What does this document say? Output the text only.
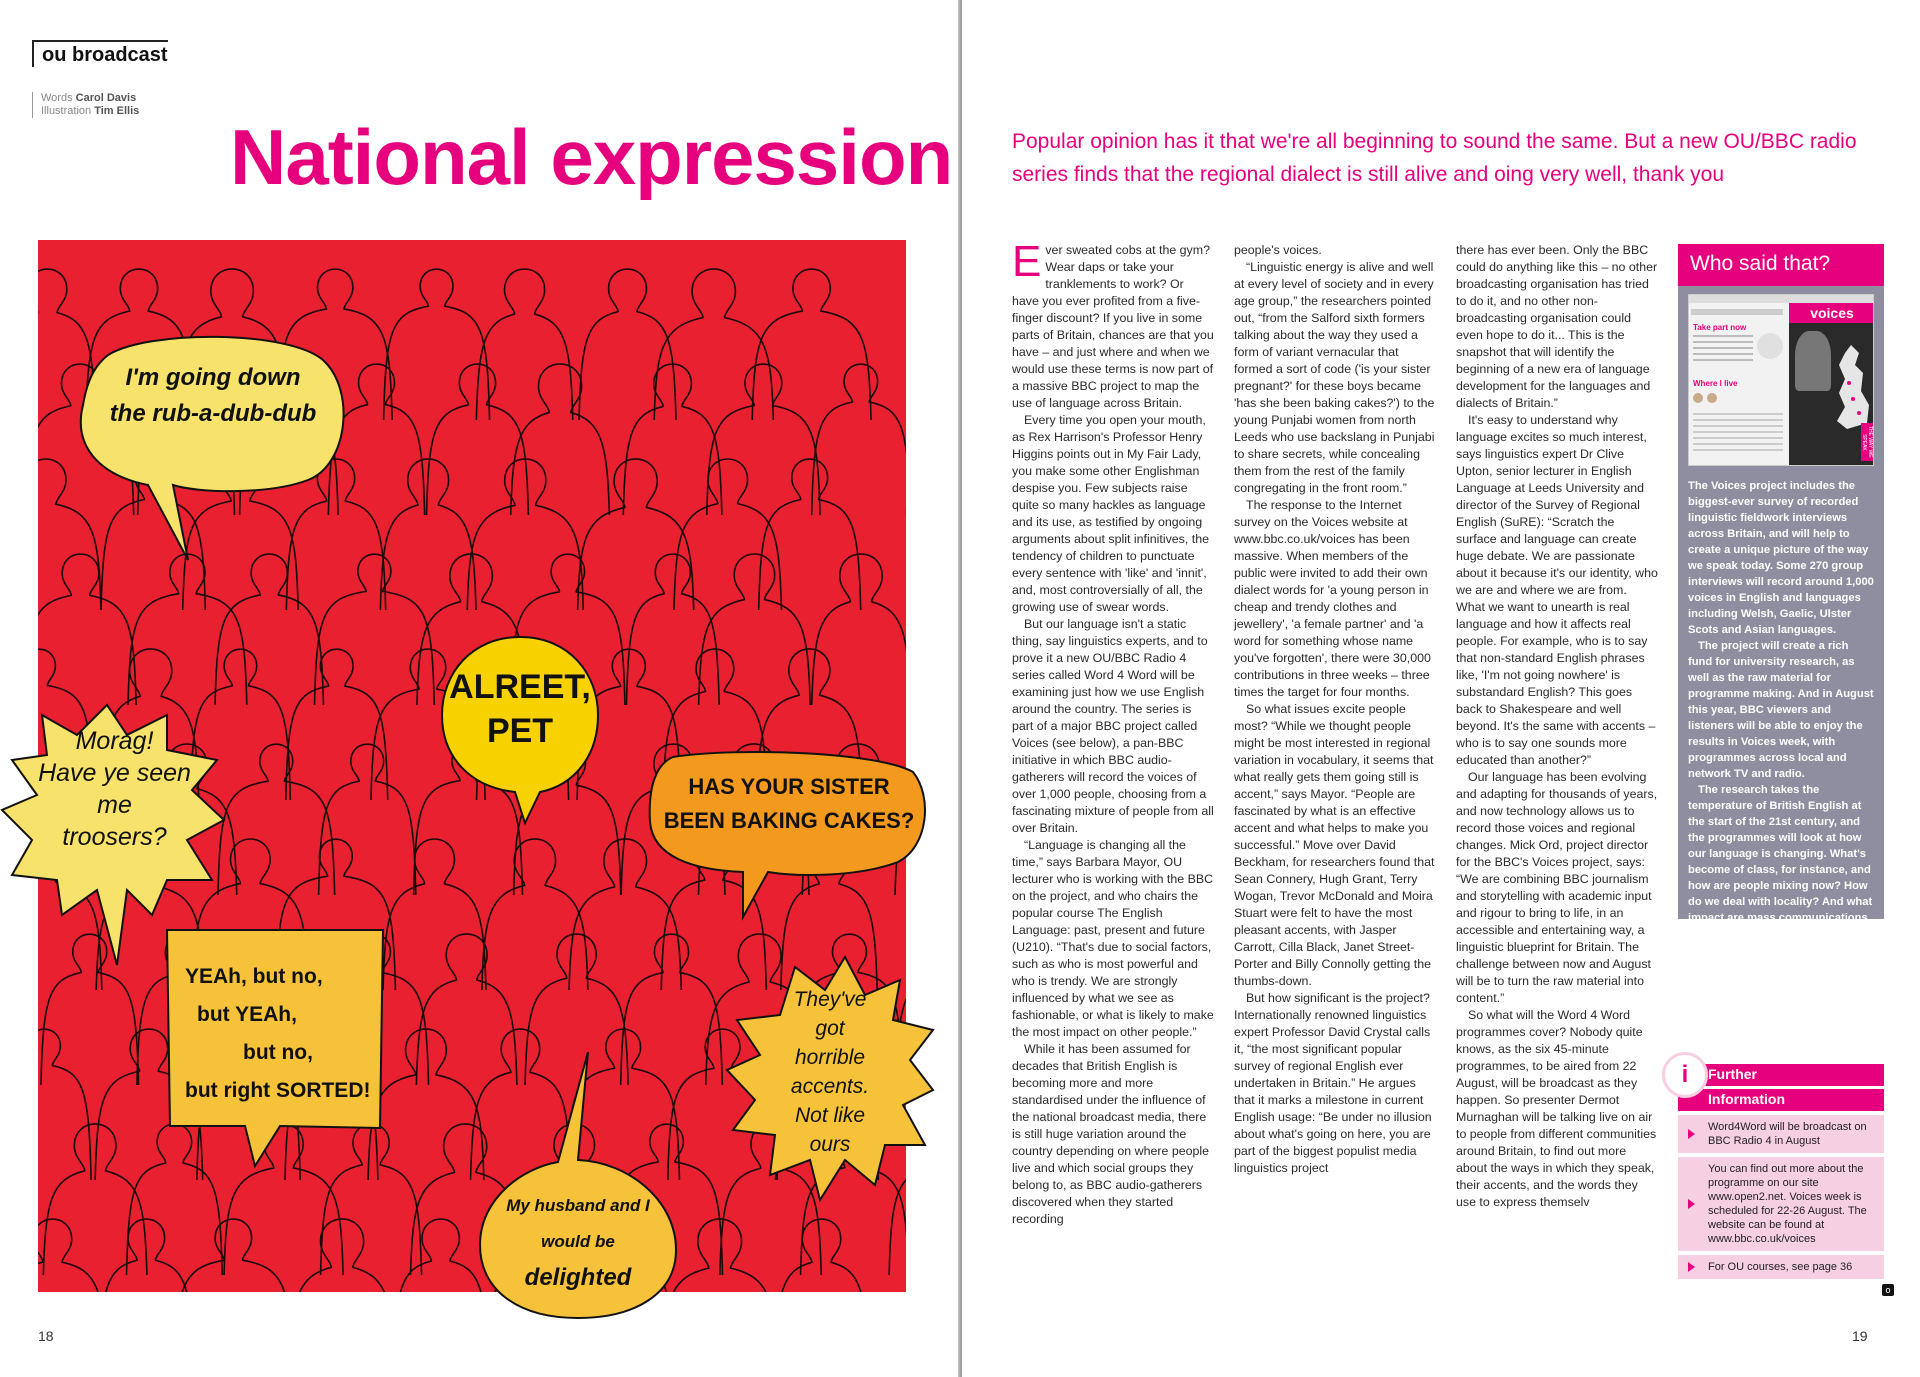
ou broadcast
Words Carol Davis
Illustration Tim Ellis
National expression
I'm going down
the rub-a-dub-dub
ALREET,
PET
HAS YOUR SISTER
BEEN BAKING CAKES?
Morag!
Have ye seen
me
troosers?
YEAh, but no,
but YEAh,
but no,
but right SORTED!
They've
got
horrible
accents.
Not like
ours
My husband and I
would be
delighted
18
Popular opinion has it that we're all beginning to sound the same. But a new OU/BBC radio series finds that the regional dialect is still alive and oing very well, thank you

Ever sweated cobs at the gym? Wear daps or take your tranklements to work? Or have you ever profited from a five-finger discount? If you live in some parts of Britain, chances are that you have – and just where and when we would use these terms is now part of a massive BBC project to map the use of language across Britain.

Every time you open your mouth, as Rex Harrison's Professor Henry Higgins points out in My Fair Lady, you make some other Englishman despise you. Few subjects raise quite so many hackles as language and its use, as testified by ongoing arguments about split infinitives, the tendency of children to punctuate every sentence with 'like' and 'innit', and, most controversially of all, the growing use of swear words.

But our language isn't a static thing, say linguistics experts, and to prove it a new OU/BBC Radio 4 series called Word 4 Word will be examining just how we use English around the country. The series is part of a major BBC project called Voices (see below), a pan-BBC initiative in which BBC audio-gatherers will record the voices of over 1,000 people, choosing from a fascinating mixture of people from all over Britain.

“Language is changing all the time,” says Barbara Mayor, OU lecturer who is working with the BBC on the project, and who chairs the popular course The English Language: past, present and future (U210). “That's due to social factors, such as who is most powerful and who is trendy. We are strongly influenced by what we see as fashionable, or what is likely to make the most impact on other people.”

While it has been assumed for decades that British English is becoming more and more standardised under the influence of the national broadcast media, there is still huge variation around the country depending on where people live and which social groups they belong to, as BBC audio-gatherers discovered when they started recording

people's voices.

“Linguistic energy is alive and well at every level of society and in every age group,” the researchers pointed out, “from the Salford sixth formers talking about the way they used a form of variant vernacular that formed a sort of code ('is your sister pregnant?' for these boys became 'has she been baking cakes?') to the young Punjabi women from north Leeds who use backslang in Punjabi to share secrets, while concealing them from the rest of the family congregating in the front room.”

The response to the Internet survey on the Voices website at www.bbc.co.uk/voices has been massive. When members of the public were invited to add their own dialect words for 'a young person in cheap and trendy clothes and jewellery', 'a female partner' and 'a word for something whose name you've forgotten', there were 30,000 contributions in three weeks – three times the target for four months.

So what issues excite people most? “While we thought people might be most interested in regional variation in vocabulary, it seems that what really gets them going still is accent,” says Mayor. “People are fascinated by what is an effective accent and what helps to make you successful.” Move over David Beckham, for researchers found that Sean Connery, Hugh Grant, Terry Wogan, Trevor McDonald and Moira Stuart were felt to have the most pleasant accents, with Jasper Carrott, Cilla Black, Janet Street-Porter and Billy Connolly getting the thumbs-down.

But how significant is the project? Internationally renowned linguistics expert Professor David Crystal calls it, “the most significant popular survey of regional English ever undertaken in Britain.” He argues that it marks a milestone in current English usage: “Be under no illusion about what's going on here, you are part of the biggest populist media linguistics project

there has ever been. Only the BBC could do anything like this – no other broadcasting organisation has tried to do it, and no other non-broadcasting organisation could even hope to do it... This is the snapshot that will identify the beginning of a new era of language development for the languages and dialects of Britain.”

It's easy to understand why language excites so much interest, says linguistics expert Dr Clive Upton, senior lecturer in English Language at Leeds University and director of the Survey of Regional English (SuRE): “Scratch the surface and language can create huge debate. We are passionate about it because it's our identity, who we are and where we are from. What we want to unearth is real language and how it affects real people. For example, who is to say that non-standard English phrases like, 'I'm not going nowhere' is substandard English? This goes back to Shakespeare and well beyond. It's the same with accents – who is to say one sounds more educated than another?”

Our language has been evolving and adapting for thousands of years, and now technology allows us to record those voices and regional changes. Mick Ord, project director for the BBC's Voices project, says: “We are combining BBC journalism and storytelling with academic input and rigour to bring to life, in an accessible and entertaining way, a linguistic blueprint for Britain. The challenge between now and August will be to turn the raw material into content.”

So what will the Word 4 Word programmes cover? Nobody quite knows, as the six 45-minute programmes, to be aired from 22 August, will be broadcast as they happen. So presenter Dermot Murnaghan will be talking live on air to people from different communities around Britain, to find out more about the ways in which they speak, their accents, and the words they use to express themselv

Who said that?
Take part now
Where I live
voices
THE WAY WE SPEAK

The Voices project includes the biggest-ever survey of recorded linguistic fieldwork interviews across Britain, and will help to create a unique picture of the way we speak today. Some 270 group interviews will record around 1,000 voices in English and languages including Welsh, Gaelic, Ulster Scots and Asian languages.

The project will create a rich fund for university research, as well as the raw material for programme making. And in August this year, BBC viewers and listeners will be able to enjoy the results in Voices week, with programmes across local and network TV and radio.

The research takes the temperature of British English at the start of the 21st century, and the programmes will look at how our language is changing. What's become of class, for instance, and how are people mixing now? How do we deal with locality? And what impact are mass communications like texting and message boards having?

i	Further
Information
Word4Word will be broadcast on BBC Radio 4 in August
You can find out more about the programme on our site www.open2.net. Voices week is scheduled for 22-26 August. The website can be found at www.bbc.co.uk/voices
For OU courses, see page 36
o
19
